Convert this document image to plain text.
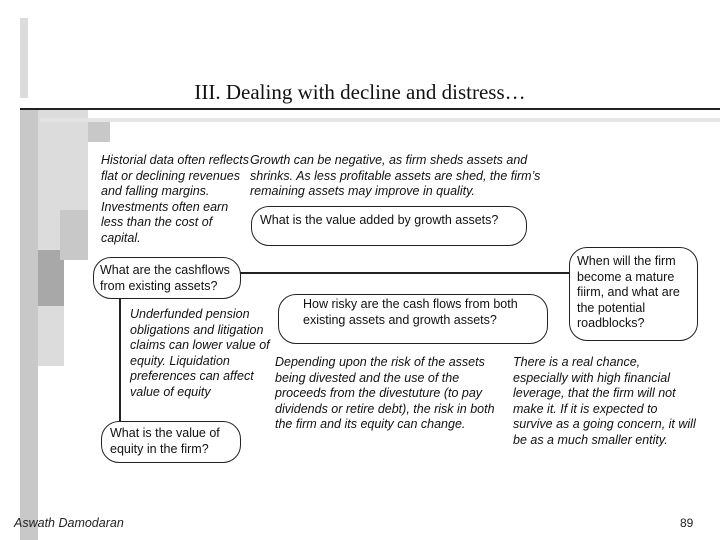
III. Dealing with decline and distress…
Historial data often reflects flat or declining revenues and falling margins. Investments often earn less than the cost of capital.
Growth can be negative, as firm sheds assets and shrinks. As less profitable assets are shed, the firm’s remaining assets may improve in quality.
Underfunded pension obligations and litigation claims can lower value of equity. Liquidation preferences can affect value of equity
Depending upon the risk of the assets being divested and the use of the proceeds from the divestuture (to pay dividends or retire debt), the risk in both the firm and its equity can change.
There is a real chance, especially with high financial leverage, that the firm will not make it. If it is expected to survive as a going concern, it will be as a much smaller entity.
What is the value added by growth assets?
What are the cashflows from existing assets?
How risky are the cash flows from both existing assets and growth assets?
When will the firm become a mature fiirm, and what are the potential roadblocks?
What is the value of equity in the firm?
Aswath Damodaran	89
